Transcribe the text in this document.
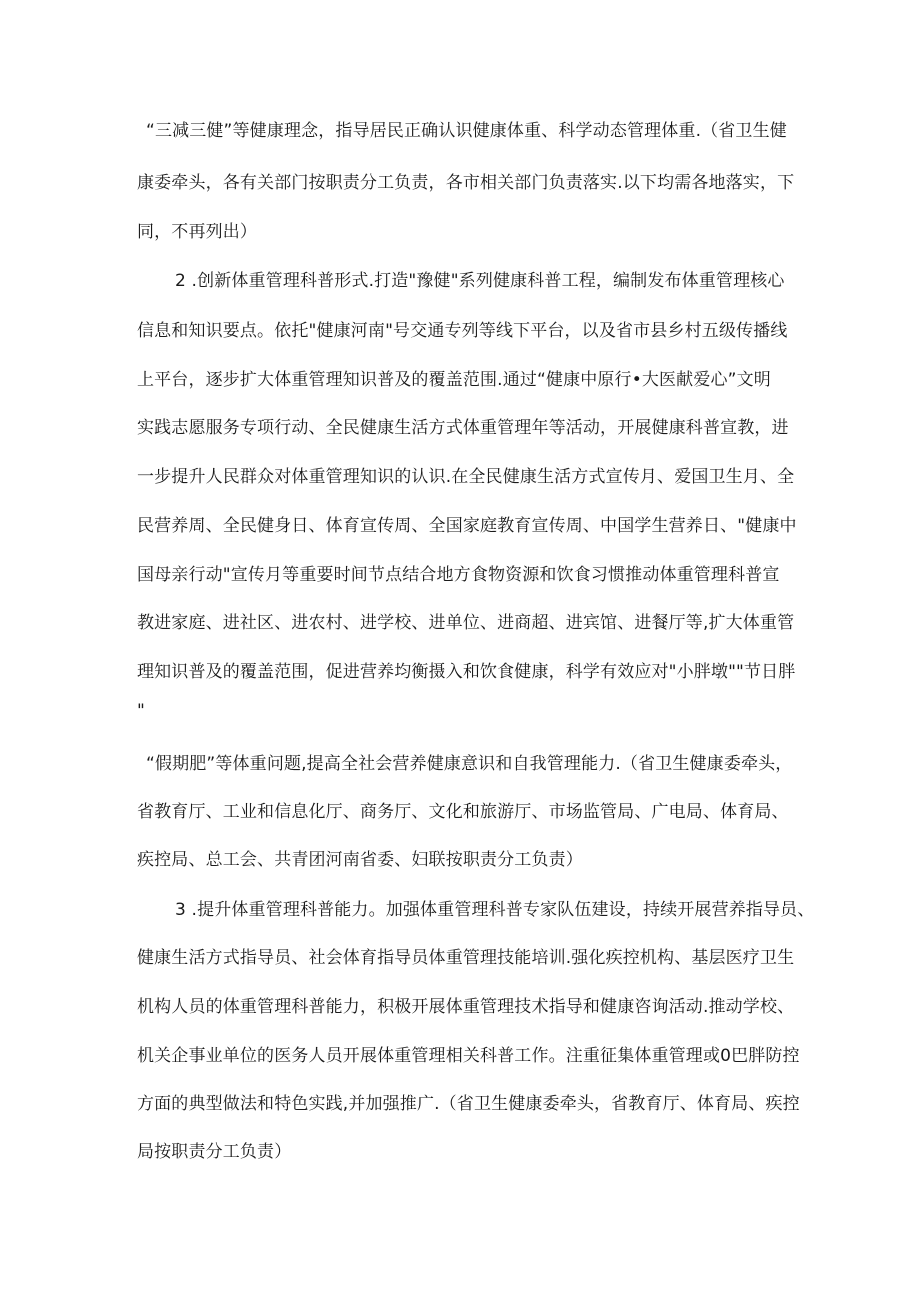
“三减三健”等健康理念，指导居民正确认识健康体重、科学动态管理体重.（省卫生健
康委牵头，各有关部门按职责分工负责，各市相关部门负责落实.以下均需各地落实，下
同，不再列出）
2 .创新体重管理科普形式.打造"豫健"系列健康科普工程，编制发布体重管理核心
信息和知识要点。依托"健康河南"号交通专列等线下平台，以及省市县乡村五级传播线
上平台，逐步扩大体重管理知识普及的覆盖范围.通过“健康中原行•大医献爱心”文明
实践志愿服务专项行动、全民健康生活方式体重管理年等活动，开展健康科普宣教，进
一步提升人民群众对体重管理知识的认识.在全民健康生活方式宣传月、爱国卫生月、全
民营养周、全民健身日、体育宣传周、全国家庭教育宣传周、中国学生营养日、"健康中
国母亲行动"宣传月等重要时间节点结合地方食物资源和饮食习惯推动体重管理科普宣
教进家庭、进社区、进农村、进学校、进单位、进商超、进宾馆、进餐厅等,扩大体重管
理知识普及的覆盖范围，促进营养均衡摄入和饮食健康，科学有效应对"小胖墩""节日胖
"
“假期肥”等体重问题,提高全社会营养健康意识和自我管理能力.（省卫生健康委牵头，
省教育厅、工业和信息化厅、商务厅、文化和旅游厅、市场监管局、广电局、体育局、
疾控局、总工会、共青团河南省委、妇联按职责分工负责）
3 .提升体重管理科普能力。加强体重管理科普专家队伍建设，持续开展营养指导员、
健康生活方式指导员、社会体育指导员体重管理技能培训.强化疾控机构、基层医疗卫生
机构人员的体重管理科普能力，积极开展体重管理技术指导和健康咨询活动.推动学校、
机关企事业单位的医务人员开展体重管理相关科普工作。注重征集体重管理或0巴胖防控
方面的典型做法和特色实践,并加强推广.（省卫生健康委牵头，省教育厅、体育局、疾控
局按职责分工负责）
